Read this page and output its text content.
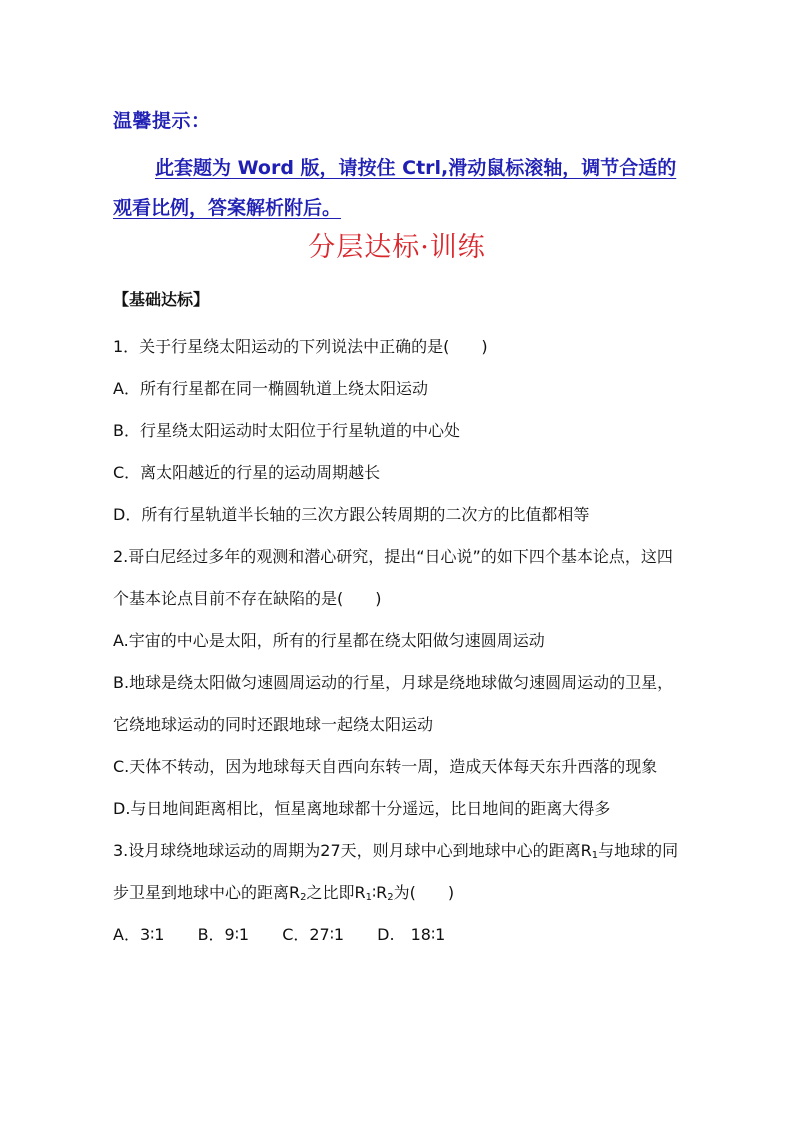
温馨提示：
此套题为 Word 版，请按住 Ctrl,滑动鼠标滚轴，调节合适的观看比例，答案解析附后。
分层达标·训练
【基础达标】
1．关于行星绕太阳运动的下列说法中正确的是(　　)
A．所有行星都在同一椭圆轨道上绕太阳运动
B．行星绕太阳运动时太阳位于行星轨道的中心处
C．离太阳越近的行星的运动周期越长
D．所有行星轨道半长轴的三次方跟公转周期的二次方的比值都相等
2.哥白尼经过多年的观测和潜心研究，提出“日心说”的如下四个基本论点，这四个基本论点目前不存在缺陷的是(　　)
A.宇宙的中心是太阳，所有的行星都在绕太阳做匀速圆周运动
B.地球是绕太阳做匀速圆周运动的行星，月球是绕地球做匀速圆周运动的卫星，它绕地球运动的同时还跟地球一起绕太阳运动
C.天体不转动，因为地球每天自西向东转一周，造成天体每天东升西落的现象
D.与日地间距离相比，恒星离地球都十分遥远，比日地间的距离大得多
3.设月球绕地球运动的周期为27天，则月球中心到地球中心的距离$R_1$与地球的同步卫星到地球中心的距离$R_2$之比即$R_1∶R_2$为(　　)
A．3∶1 B．9∶1 C．27∶1 D.　18∶1
